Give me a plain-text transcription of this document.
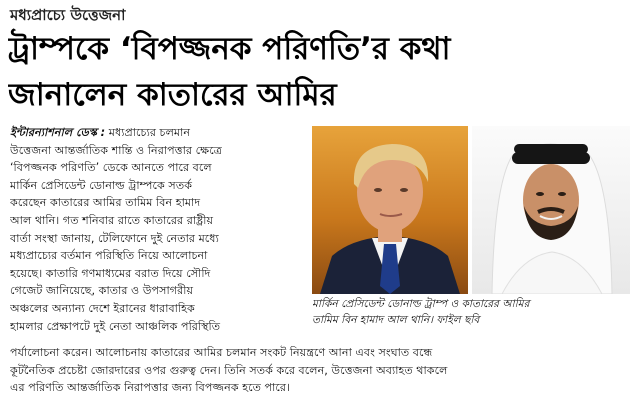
মধ্যপ্রাচ্যে উত্তেজনা
ট্রাম্পকে ‘বিপজ্জনক পরিণতি’র কথা
জানালেন কাতারের আমির
ইন্টারন্যাশনাল ডেস্ক : মধ্যপ্রাচ্যের চলমান
উত্তেজনা আন্তর্জাতিক শান্তি ও নিরাপত্তার ক্ষেত্রে
‘বিপজ্জনক পরিণতি’ ডেকে আনতে পারে বলে
মার্কিন প্রেসিডেন্ট ডোনাল্ড ট্রাম্পকে সতর্ক
করেছেন কাতারের আমির তামিম বিন হামাদ
আল থানি। গত শনিবার রাতে কাতারের রাষ্ট্রীয়
বার্তা সংস্থা জানায়, টেলিফোনে দুই নেতার মধ্যে
মধ্যপ্রাচ্যের বর্তমান পরিস্থিতি নিয়ে আলোচনা
হয়েছে। কাতারি গণমাধ্যমের বরাত দিয়ে সৌদি
গেজেট জানিয়েছে, কাতার ও উপসাগরীয়
অঞ্চলের অন্যান্য দেশে ইরানের ধারাবাহিক
হামলার প্রেক্ষাপটে দুই নেতা আঞ্চলিক পরিস্থিতি
মার্কিন প্রেসিডেন্ট ডোনাল্ড ট্রাম্প ও কাতারের আমির
তামিম বিন হামাদ আল থানি। ফাইল ছবি
পর্যালোচনা করেন। আলোচনায় কাতারের আমির চলমান সংকট নিয়ন্ত্রণে আনা এবং সংঘাত বন্ধে
কূটনৈতিক প্রচেষ্টা জোরদারের ওপর গুরুত্ব দেন। তিনি সতর্ক করে বলেন, উত্তেজনা অব্যাহত থাকলে
এর পরিণতি আন্তর্জাতিক নিরাপত্তার জন্য বিপজ্জনক হতে পারে।
